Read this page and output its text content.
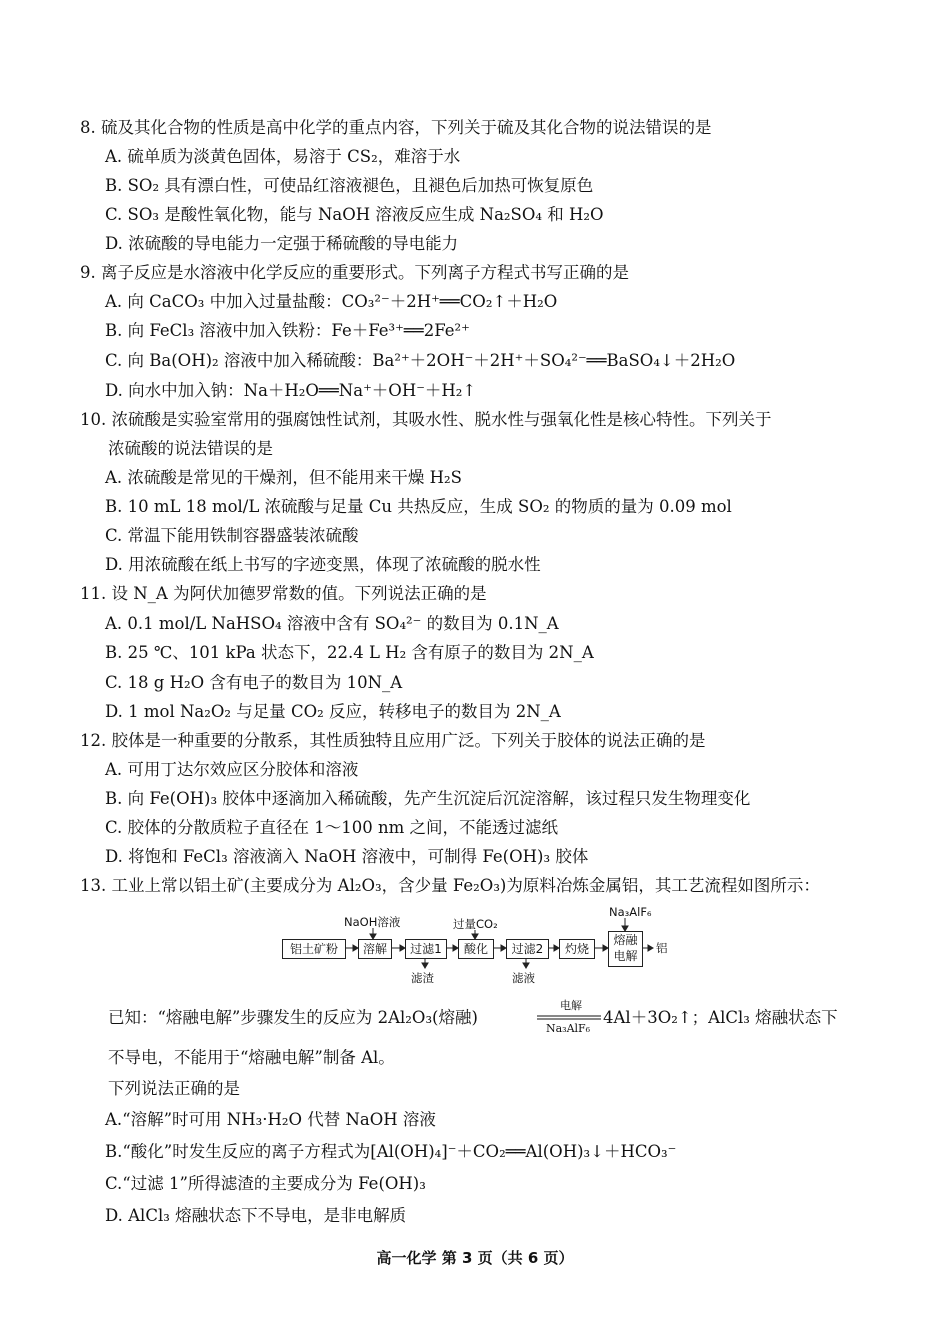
8. 硫及其化合物的性质是高中化学的重点内容，下列关于硫及其化合物的说法错误的是
A. 硫单质为淡黄色固体，易溶于 CS₂，难溶于水
B. SO₂ 具有漂白性，可使品红溶液褪色，且褪色后加热可恢复原色
C. SO₃ 是酸性氧化物，能与 NaOH 溶液反应生成 Na₂SO₄ 和 H₂O
D. 浓硫酸的导电能力一定强于稀硫酸的导电能力
9. 离子反应是水溶液中化学反应的重要形式。下列离子方程式书写正确的是
A. 向 CaCO₃ 中加入过量盐酸：CO₃²⁻＋2H⁺══CO₂↑＋H₂O
B. 向 FeCl₃ 溶液中加入铁粉：Fe＋Fe³⁺══2Fe²⁺
C. 向 Ba(OH)₂ 溶液中加入稀硫酸：Ba²⁺＋2OH⁻＋2H⁺＋SO₄²⁻══BaSO₄↓＋2H₂O
D. 向水中加入钠：Na＋H₂O══Na⁺＋OH⁻＋H₂↑
10. 浓硫酸是实验室常用的强腐蚀性试剂，其吸水性、脱水性与强氧化性是核心特性。下列关于
浓硫酸的说法错误的是
A. 浓硫酸是常见的干燥剂，但不能用来干燥 H₂S
B. 10 mL 18 mol/L 浓硫酸与足量 Cu 共热反应，生成 SO₂ 的物质的量为 0.09 mol
C. 常温下能用铁制容器盛装浓硫酸
D. 用浓硫酸在纸上书写的字迹变黑，体现了浓硫酸的脱水性
11. 设 N_A 为阿伏加德罗常数的值。下列说法正确的是
A. 0.1 mol/L NaHSO₄ 溶液中含有 SO₄²⁻ 的数目为 0.1N_A
B. 25 ℃、101 kPa 状态下，22.4 L H₂ 含有原子的数目为 2N_A
C. 18 g H₂O 含有电子的数目为 10N_A
D. 1 mol Na₂O₂ 与足量 CO₂ 反应，转移电子的数目为 2N_A
12. 胶体是一种重要的分散系，其性质独特且应用广泛。下列关于胶体的说法正确的是
A. 可用丁达尔效应区分胶体和溶液
B. 向 Fe(OH)₃ 胶体中逐滴加入稀硫酸，先产生沉淀后沉淀溶解，该过程只发生物理变化
C. 胶体的分散质粒子直径在 1～100 nm 之间，不能透过滤纸
D. 将饱和 FeCl₃ 溶液滴入 NaOH 溶液中，可制得 Fe(OH)₃ 胶体
13. 工业上常以铝土矿(主要成分为 Al₂O₃，含少量 Fe₂O₃)为原料冶炼金属铝，其工艺流程如图所示：
铝土矿粉	溶解	过滤1	酸化	过滤2	灼烧
熔融
电解
铝
NaOH溶液	过量CO₂
Na₃AlF₆
滤渣	滤液
已知：“熔融电解”步骤发生的反应为 2Al₂O₃(熔融)
电解
Na₃AlF₆
4Al＋3O₂↑；AlCl₃ 熔融状态下
不导电，不能用于“熔融电解”制备 Al。
下列说法正确的是
A.“溶解”时可用 NH₃·H₂O 代替 NaOH 溶液
B.“酸化”时发生反应的离子方程式为[Al(OH)₄]⁻＋CO₂══Al(OH)₃↓＋HCO₃⁻
C.“过滤 1”所得滤渣的主要成分为 Fe(OH)₃
D. AlCl₃ 熔融状态下不导电，是非电解质
高一化学 第 3 页（共 6 页）
